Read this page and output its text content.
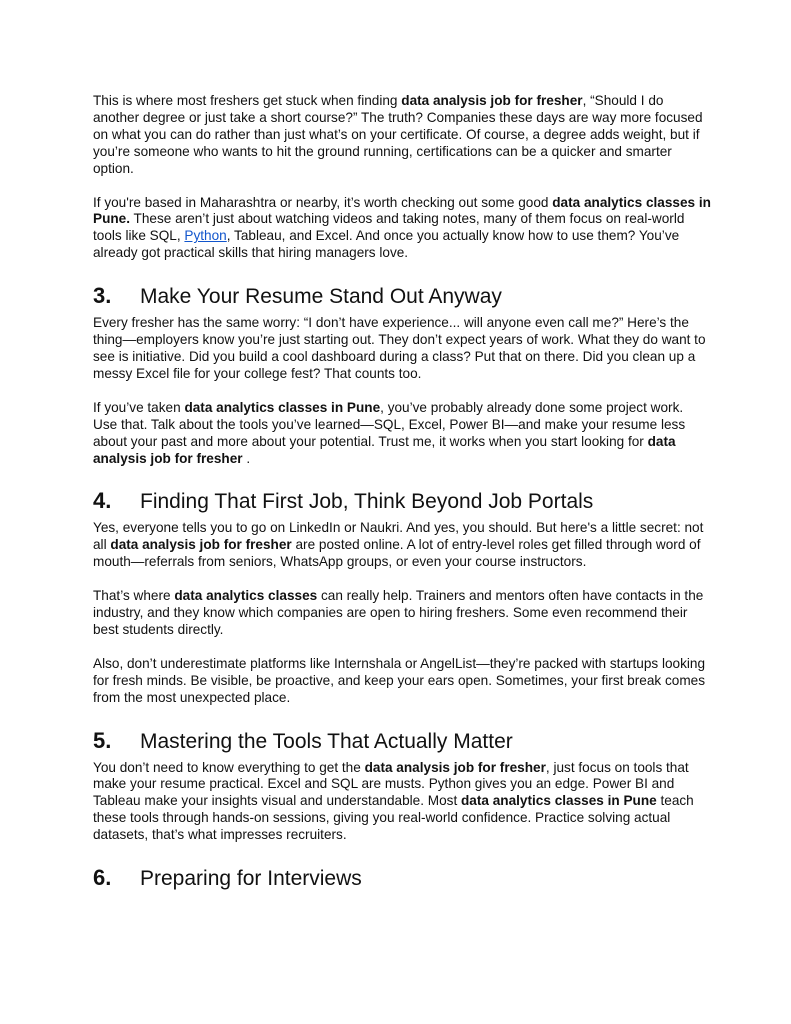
This is where most freshers get stuck when finding data analysis job for fresher, “Should I do another degree or just take a short course?” The truth? Companies these days are way more focused on what you can do rather than just what’s on your certificate. Of course, a degree adds weight, but if you’re someone who wants to hit the ground running, certifications can be a quicker and smarter option.

If you're based in Maharashtra or nearby, it’s worth checking out some good data analytics classes in Pune. These aren’t just about watching videos and taking notes, many of them focus on real-world tools like SQL, Python, Tableau, and Excel. And once you actually know how to use them? You’ve already got practical skills that hiring managers love.

3.	Make Your Resume Stand Out Anyway

Every fresher has the same worry: “I don’t have experience... will anyone even call me?” Here’s the thing—employers know you’re just starting out. They don’t expect years of work. What they do want to see is initiative. Did you build a cool dashboard during a class? Put that on there. Did you clean up a messy Excel file for your college fest? That counts too.

If you’ve taken data analytics classes in Pune, you’ve probably already done some project work. Use that. Talk about the tools you’ve learned—SQL, Excel, Power BI—and make your resume less about your past and more about your potential. Trust me, it works when you start looking for data analysis job for fresher .

4.	Finding That First Job, Think Beyond Job Portals

Yes, everyone tells you to go on LinkedIn or Naukri. And yes, you should. But here's a little secret: not all data analysis job for fresher are posted online. A lot of entry-level roles get filled through word of mouth—referrals from seniors, WhatsApp groups, or even your course instructors.

That’s where data analytics classes can really help. Trainers and mentors often have contacts in the industry, and they know which companies are open to hiring freshers. Some even recommend their best students directly.

Also, don’t underestimate platforms like Internshala or AngelList—they’re packed with startups looking for fresh minds. Be visible, be proactive, and keep your ears open. Sometimes, your first break comes from the most unexpected place.

5.	Mastering the Tools That Actually Matter

You don’t need to know everything to get the data analysis job for fresher, just focus on tools that make your resume practical. Excel and SQL are musts. Python gives you an edge. Power BI and Tableau make your insights visual and understandable. Most data analytics classes in Pune teach these tools through hands-on sessions, giving you real-world confidence. Practice solving actual datasets, that’s what impresses recruiters.

6.	Preparing for Interviews
